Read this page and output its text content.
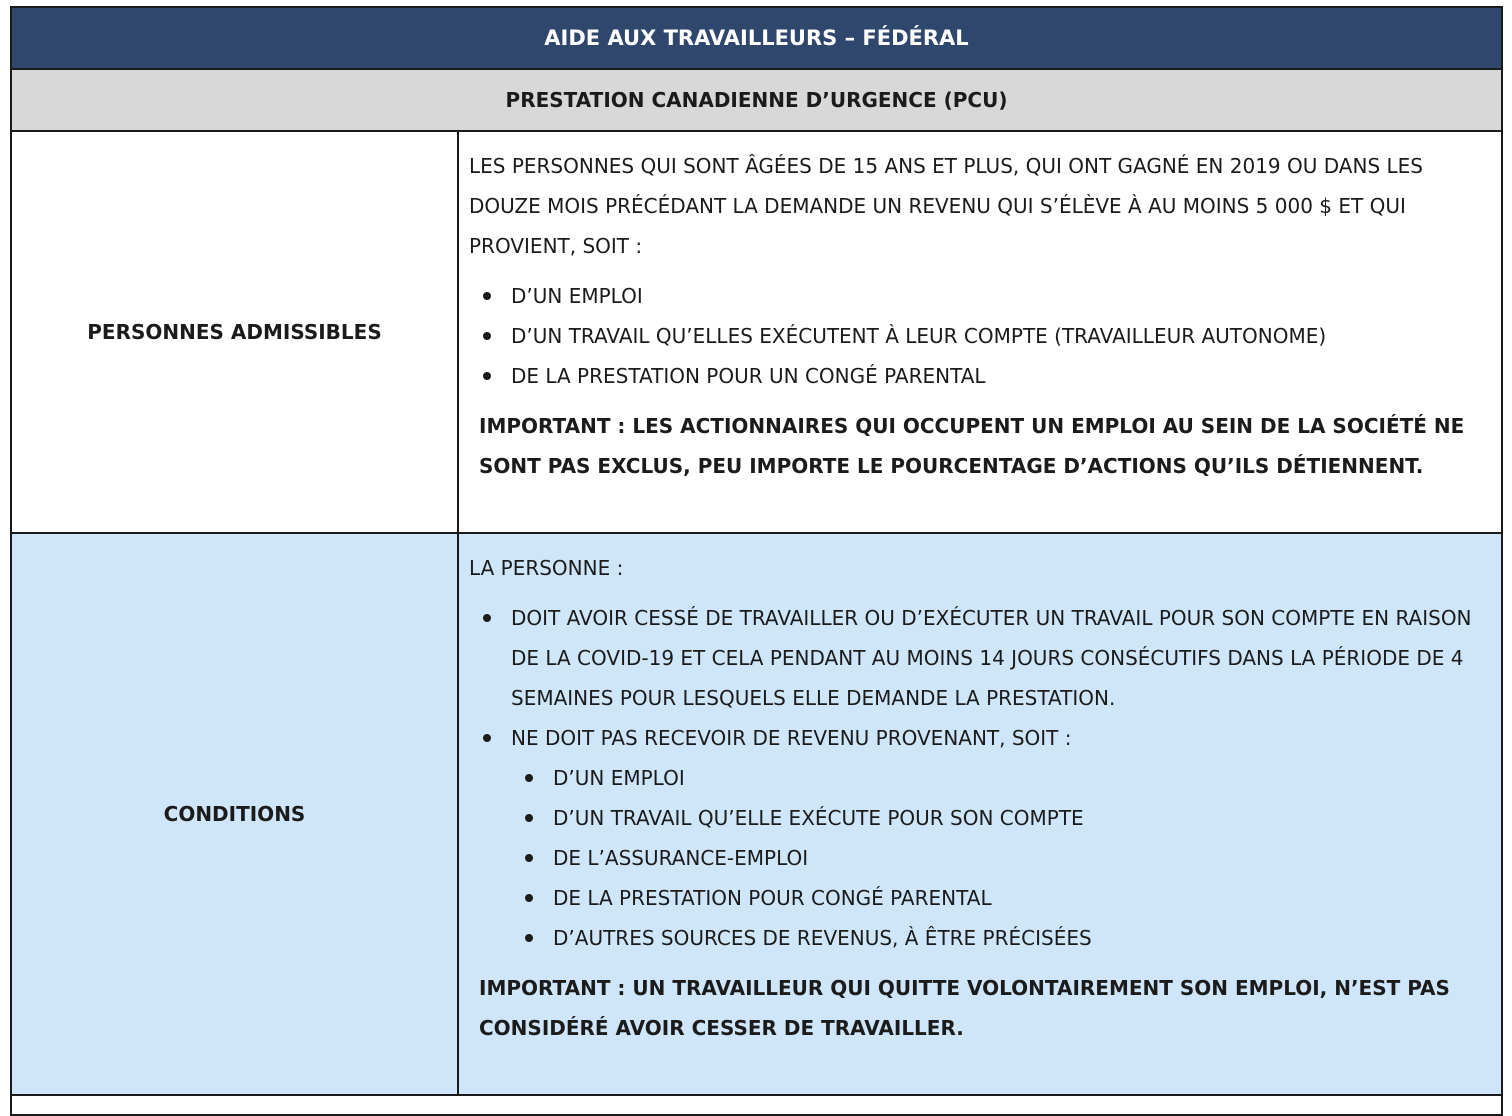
AIDE AUX TRAVAILLEURS – FÉDÉRAL
PRESTATION CANADIENNE D’URGENCE (PCU)
PERSONNES ADMISSIBLES

LES PERSONNES QUI SONT ÂGÉES DE 15 ANS ET PLUS, QUI ONT GAGNÉ EN 2019 OU DANS LES DOUZE MOIS PRÉCÉDANT LA DEMANDE UN REVENU QUI S’ÉLÈVE À AU MOINS 5 000 $ ET QUI PROVIENT, SOIT :

D’UN EMPLOI
D’UN TRAVAIL QU’ELLES EXÉCUTENT À LEUR COMPTE (TRAVAILLEUR AUTONOME)
DE LA PRESTATION POUR UN CONGÉ PARENTAL

IMPORTANT : LES ACTIONNAIRES QUI OCCUPENT UN EMPLOI AU SEIN DE LA SOCIÉTÉ NE SONT PAS EXCLUS, PEU IMPORTE LE POURCENTAGE D’ACTIONS QU’ILS DÉTIENNENT.

CONDITIONS

LA PERSONNE :

DOIT AVOIR CESSÉ DE TRAVAILLER OU D’EXÉCUTER UN TRAVAIL POUR SON COMPTE EN RAISON DE LA COVID-19 ET CELA PENDANT AU MOINS 14 JOURS CONSÉCUTIFS DANS LA PÉRIODE DE 4 SEMAINES POUR LESQUELS ELLE DEMANDE LA PRESTATION.
NE DOIT PAS RECEVOIR DE REVENU PROVENANT, SOIT :
D’UN EMPLOI
D’UN TRAVAIL QU’ELLE EXÉCUTE POUR SON COMPTE
DE L’ASSURANCE-EMPLOI
DE LA PRESTATION POUR CONGÉ PARENTAL
D’AUTRES SOURCES DE REVENUS, À ÊTRE PRÉCISÉES

IMPORTANT : UN TRAVAILLEUR QUI QUITTE VOLONTAIREMENT SON EMPLOI, N’EST PAS CONSIDÉRÉ AVOIR CESSER DE TRAVAILLER.
